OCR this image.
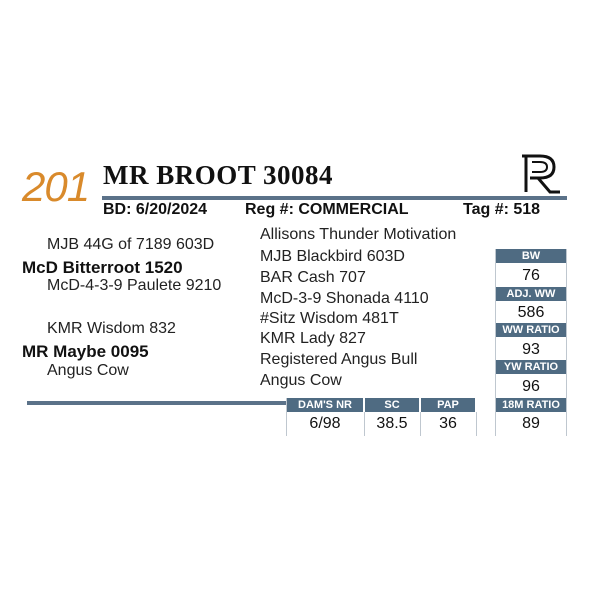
201 MR BROOT 30084
BD: 6/20/2024 Reg #: COMMERCIAL	Tag #: 518
MJB 44G of 7189 603D
McD Bitterroot 1520
McD-4-3-9 Paulete 9210
KMR Wisdom 832
MR Maybe 0095
Angus Cow
Allisons Thunder Motivation
MJB Blackbird 603D
BAR Cash 707
McD-3-9 Shonada 4110
#Sitz Wisdom 481T
KMR Lady 827
Registered Angus Bull
Angus Cow
BW
76
ADJ. WW
586
WW RATIO
93
YW RATIO
96
18M RATIO
89
DAM'S NR	SC	PAP
6/98	38.5	36
